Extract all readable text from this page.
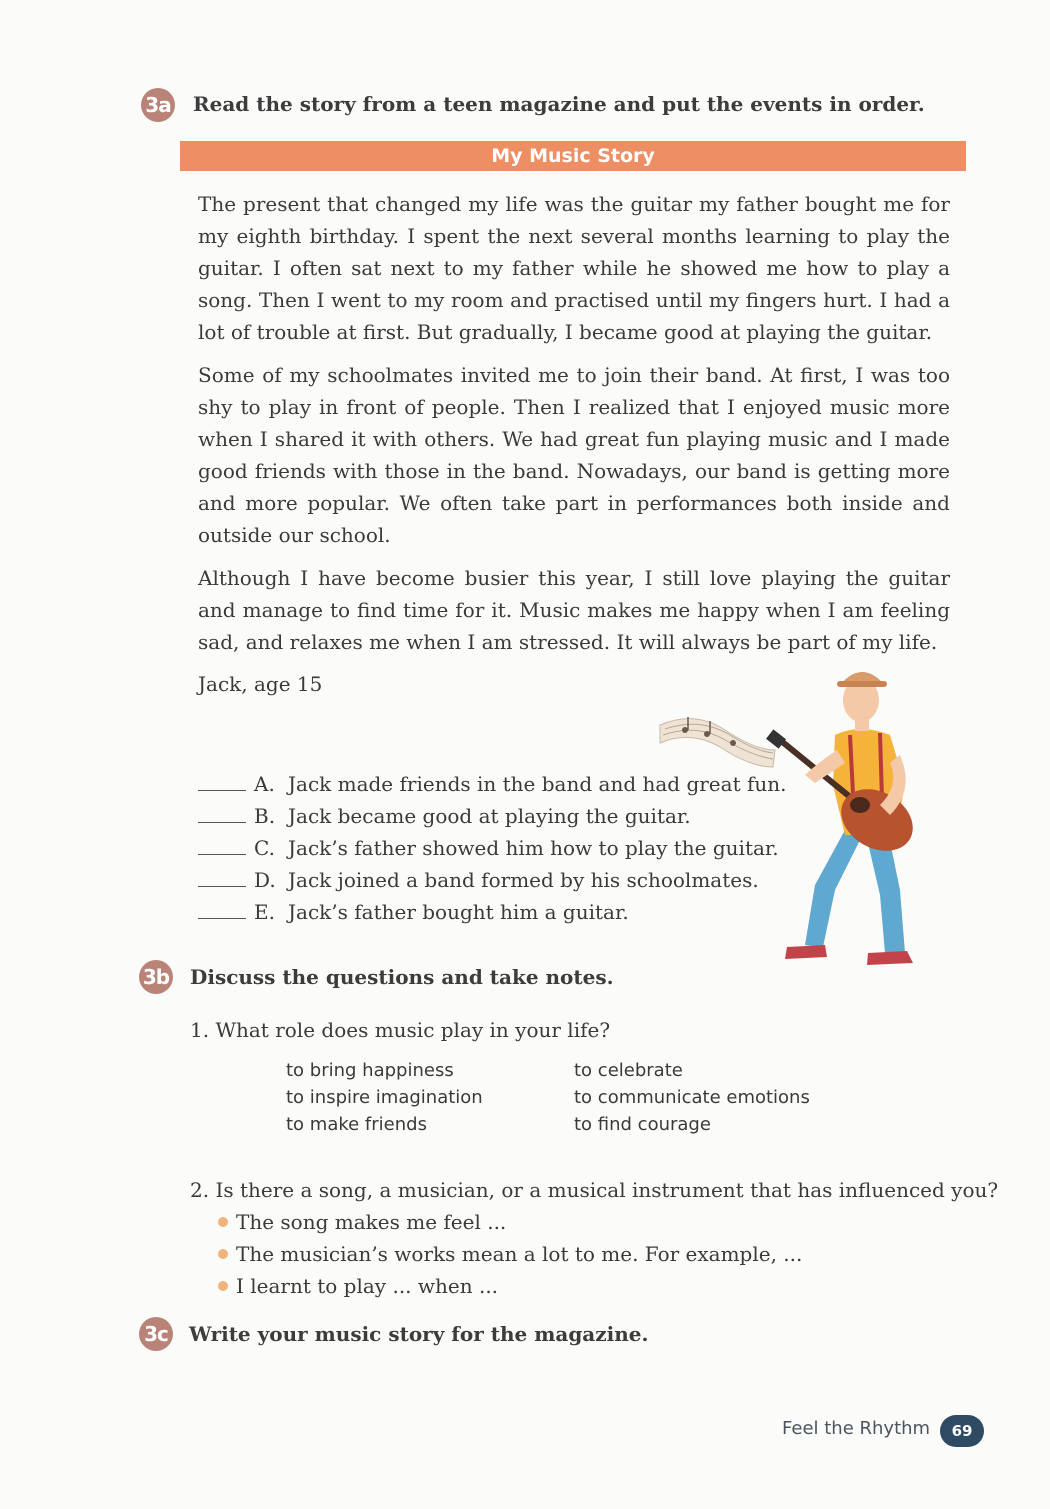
3a Read the story from a teen magazine and put the events in order.
My Music Story

The present that changed my life was the guitar my father bought me for my eighth birthday. I spent the next several months learning to play the guitar. I often sat next to my father while he showed me how to play a song. Then I went to my room and practised until my fingers hurt. I had a lot of trouble at first. But gradually, I became good at playing the guitar.

Some of my schoolmates invited me to join their band. At first, I was too shy to play in front of people. Then I realized that I enjoyed music more when I shared it with others. We had great fun playing music and I made good friends with those in the band. Nowadays, our band is getting more and more popular. We often take part in performances both inside and outside our school.

Although I have become busier this year, I still love playing the guitar and manage to find time for it. Music makes me happy when I am feeling sad, and relaxes me when I am stressed. It will always be part of my life.

Jack, age 15
A. Jack made friends in the band and had great fun.
B. Jack became good at playing the guitar.
C. Jack’s father showed him how to play the guitar.
D. Jack joined a band formed by his schoolmates.
E. Jack’s father bought him a guitar.
3b Discuss the questions and take notes.
1. What role does music play in your life?
to bring happiness	to celebrate
to inspire imagination	to communicate emotions
to make friends	to find courage
2. Is there a song, a musician, or a musical instrument that has influenced you?
The song makes me feel ...
The musician’s works mean a lot to me. For example, ...
I learnt to play ... when ...
3c Write your music story for the magazine.
Feel the Rhythm	69
